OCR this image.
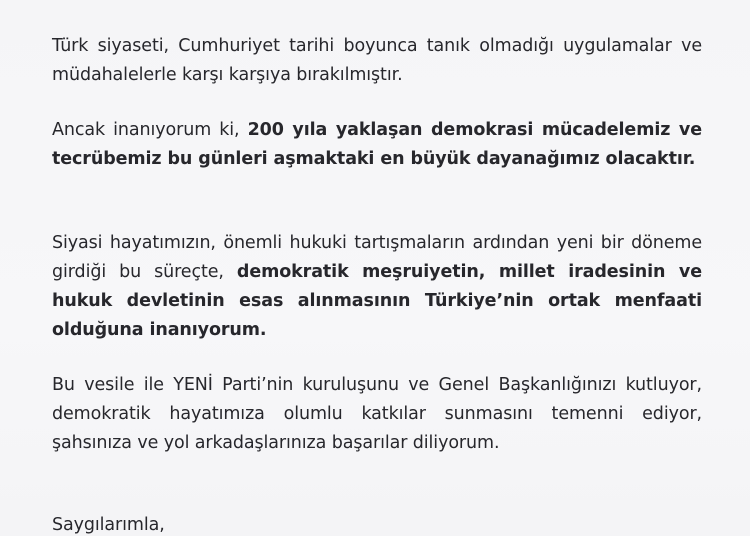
Türk siyaseti, Cumhuriyet tarihi boyunca tanık olmadığı uygulamalar ve müdahalelerle karşı karşıya bırakılmıştır.
Ancak inanıyorum ki, 200 yıla yaklaşan demokrasi mücadelemiz ve tecrübemiz bu günleri aşmaktaki en büyük dayanağımız olacaktır.
Siyasi hayatımızın, önemli hukuki tartışmaların ardından yeni bir döneme girdiği bu süreçte, demokratik meşruiyetin, millet iradesinin ve hukuk devletinin esas alınmasının Türkiye’nin ortak menfaati olduğuna inanıyorum.
Bu vesile ile YENİ Parti’nin kuruluşunu ve Genel Başkanlığınızı kutluyor, demokratik hayatımıza olumlu katkılar sunmasını temenni ediyor, şahsınıza ve yol arkadaşlarınıza başarılar diliyorum.
Saygılarımla,
